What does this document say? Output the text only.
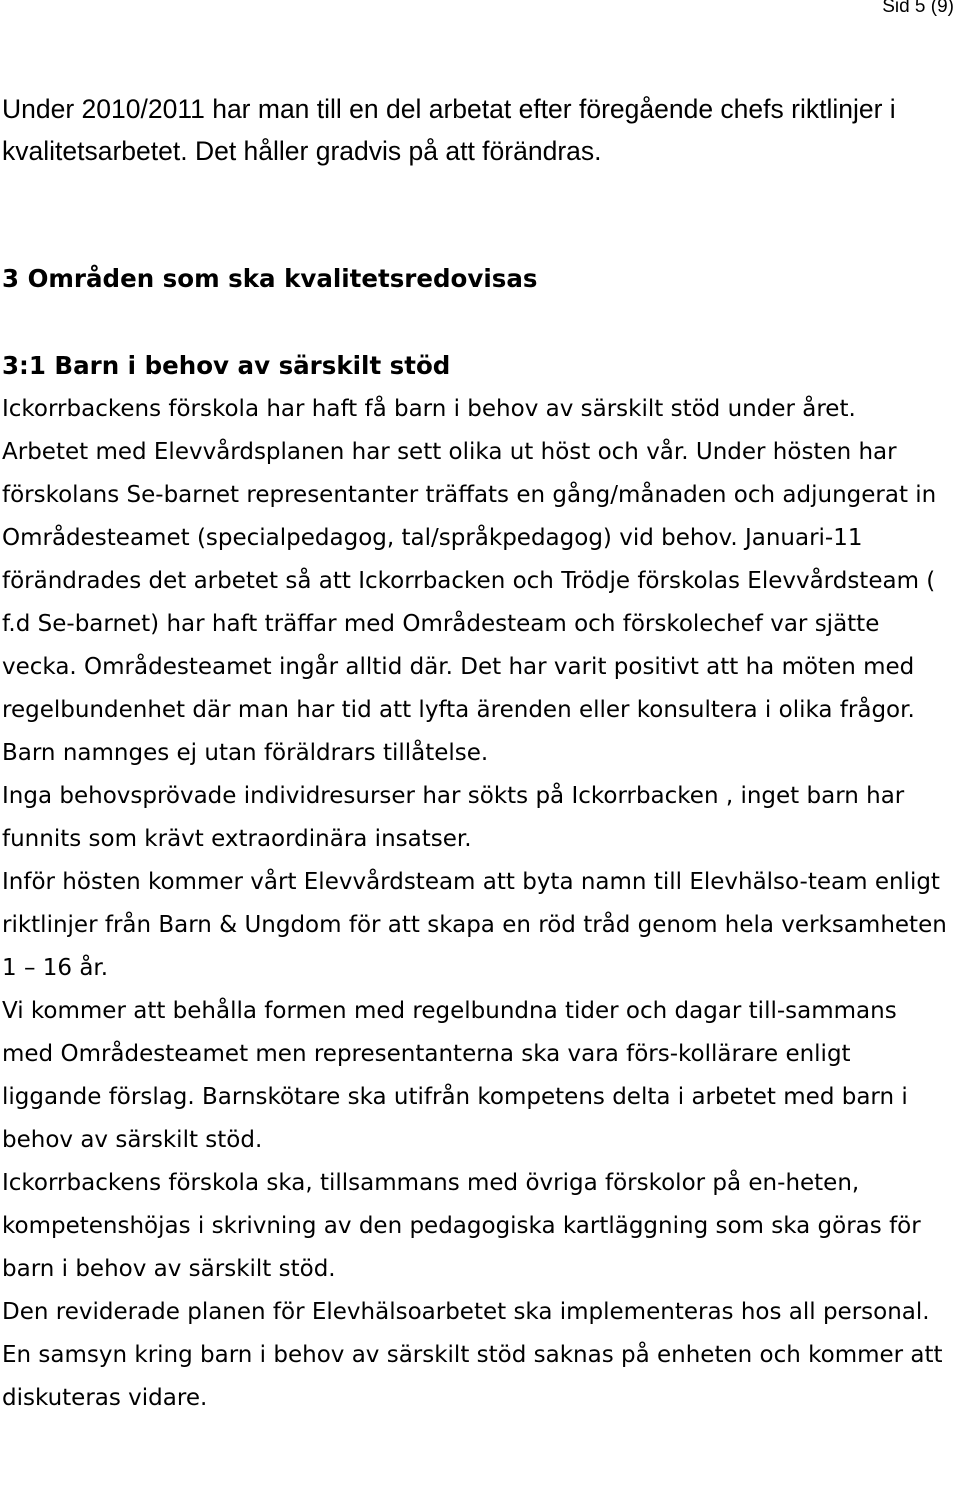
Sid 5 (9)

Under 2010/2011 har man till en del arbetat efter föregående chefs riktlinjer i kvalitetsarbetet. Det håller gradvis på att förändras.

3 Områden som ska kvalitetsredovisas
3:1 Barn i behov av särskilt stöd

Ickorrbackens förskola har haft få barn i behov av särskilt stöd under året.

Arbetet med Elevvårdsplanen har sett olika ut höst och vår. Under hösten har förskolans Se-barnet representanter träffats en gång/månaden och adjungerat in Områdesteamet (specialpedagog, tal/språkpedagog) vid behov. Januari-11 förändrades det arbetet så att Ickorrbacken och Trödje förskolas Elevvårdsteam ( f.d Se-barnet) har haft träffar med Områdesteam och förskolechef var sjätte vecka. Områdesteamet ingår alltid där. Det har varit positivt att ha möten med regelbundenhet där man har tid att lyfta ärenden eller konsultera i olika frågor. Barn namnges ej utan föräldrars tillåtelse.

Inga behovsprövade individresurser har sökts på Ickorrbacken , inget barn har funnits som krävt extraordinära insatser.

Inför hösten kommer vårt Elevvårdsteam att byta namn till Elevhälso-team enligt riktlinjer från Barn & Ungdom för att skapa en röd tråd genom hela verksamheten 1 – 16 år.

Vi kommer att behålla formen med regelbundna tider och dagar till-sammans med Områdesteamet men representanterna ska vara förs-kollärare enligt liggande förslag. Barnskötare ska utifrån kompetens delta i arbetet med barn i behov av särskilt stöd.

Ickorrbackens förskola ska, tillsammans med övriga förskolor på en-heten, kompetenshöjas i skrivning av den pedagogiska kartläggning som ska göras för barn i behov av särskilt stöd.

Den reviderade planen för Elevhälsoarbetet ska implementeras hos all personal. En samsyn kring barn i behov av särskilt stöd saknas på enheten och kommer att diskuteras vidare.
